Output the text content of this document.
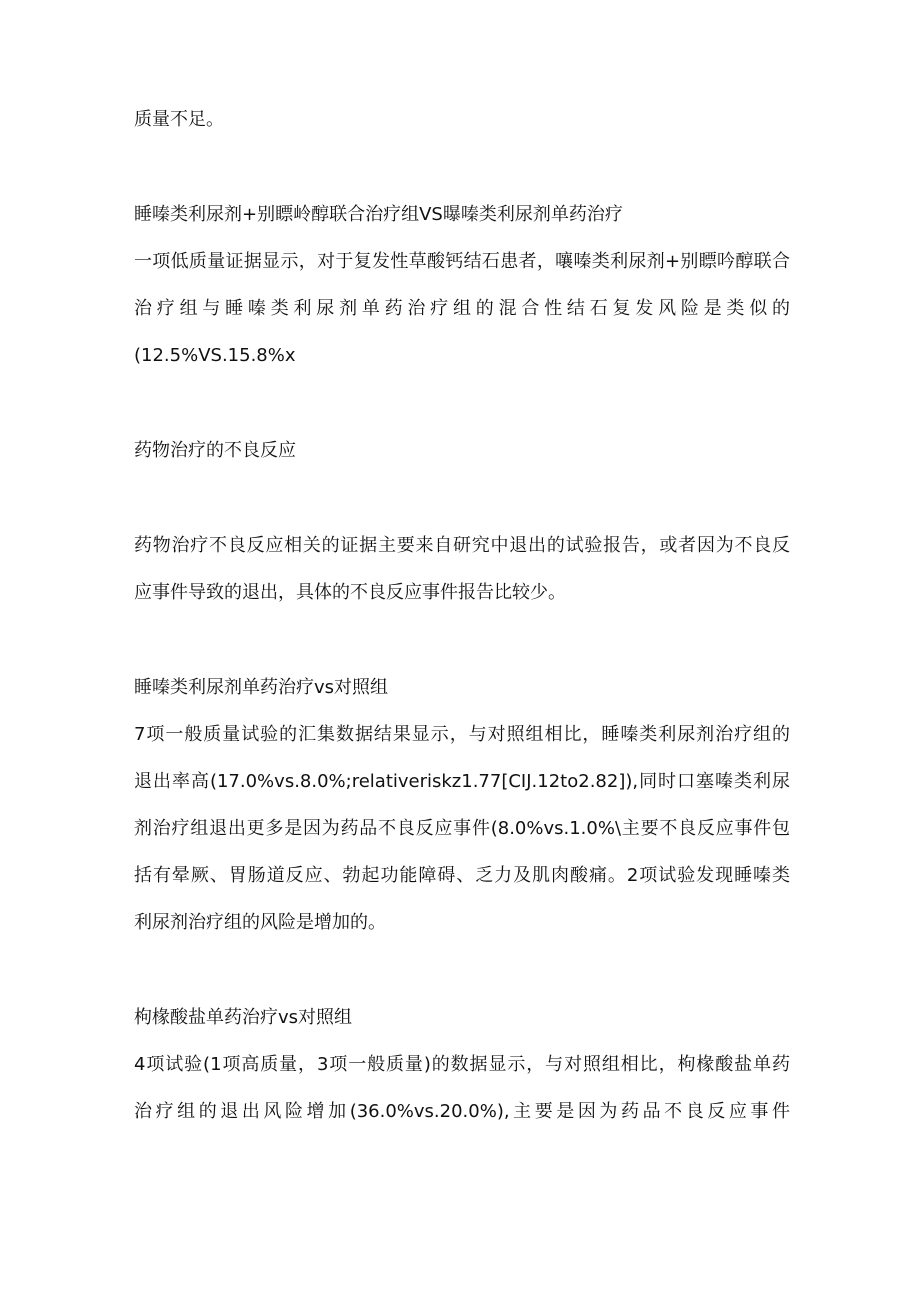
质量不足。
睡嗪类利尿剂+别瞟岭醇联合治疗组VS曝嗪类利尿剂单药治疗
一项低质量证据显示，对于复发性草酸钙结石患者，嚷嗪类利尿剂+别瞟吟醇联合
治疗组与睡嗪类利尿剂单药治疗组的混合性结石复发风险是类似的
(12.5%VS.15.8%x
药物治疗的不良反应
药物治疗不良反应相关的证据主要来自研究中退出的试验报告，或者因为不良反
应事件导致的退出，具体的不良反应事件报告比较少。
睡嗪类利尿剂单药治疗vs对照组
7项一般质量试验的汇集数据结果显示，与对照组相比，睡嗪类利尿剂治疗组的
退出率高(17.0%vs.8.0%;relativeriskz1.77[CIJ.12to2.82]),同时口塞嗪类利尿
剂治疗组退出更多是因为药品不良反应事件(8.0%vs.1.0%\主要不良反应事件包
括有晕厥、胃肠道反应、勃起功能障碍、乏力及肌肉酸痛。2项试验发现睡嗪类
利尿剂治疗组的风险是增加的。
枸椽酸盐单药治疗vs对照组
4项试验(1项高质量，3项一般质量)的数据显示，与对照组相比，枸椽酸盐单药
治疗组的退出风险增加(36.0%vs.20.0%),主要是因为药品不良反应事件
